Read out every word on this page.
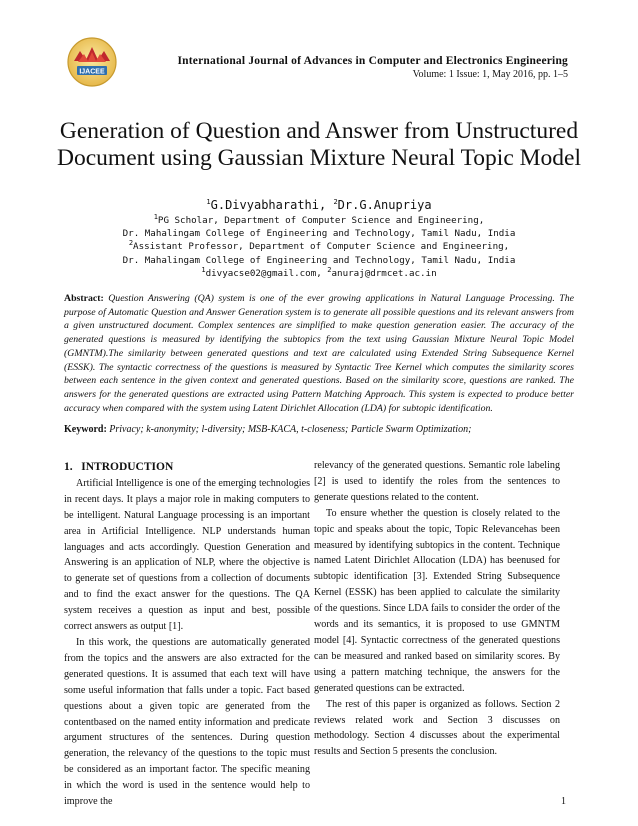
IJACEE
International Journal of Advances in Computer and Electronics Engineering
Volume: 1 Issue: 1, May 2016, pp. 1–5
Generation of Question and Answer from Unstructured Document using Gaussian Mixture Neural Topic Model
$^1$G.Divyabharathi, $^2$Dr.G.Anupriya
$^1$PG Scholar, Department of Computer Science and Engineering,
Dr. Mahalingam College of Engineering and Technology, Tamil Nadu, India
$^2$Assistant Professor, Department of Computer Science and Engineering,
Dr. Mahalingam College of Engineering and Technology, Tamil Nadu, India
$^1$divyacse02@gmail.com, $^2$anuraj@drmcet.ac.in
Abstract: Question Answering (QA) system is one of the ever growing applications in Natural Language Processing. The purpose of Automatic Question and Answer Generation system is to generate all possible questions and its relevant answers from a given unstructured document. Complex sentences are simplified to make question generation easier. The accuracy of the generated questions is measured by identifying the subtopics from the text using Gaussian Mixture Neural Topic Model (GMNTM).The similarity between generated questions and text are calculated using Extended String Subsequence Kernel (ESSK). The syntactic correctness of the questions is measured by Syntactic Tree Kernel which computes the similarity scores between each sentence in the given context and generated questions. Based on the similarity score, questions are ranked. The answers for the generated questions are extracted using Pattern Matching Approach. This system is expected to produce better accuracy when compared with the system using Latent Dirichlet Allocation (LDA) for subtopic identification.
Keyword: Privacy; k-anonymity; l-diversity; MSB-KACA, t-closeness; Particle Swarm Optimization;
1.   INTRODUCTION

Artificial Intelligence is one of the emerging technologies in recent days. It plays a major role in making computers to be intelligent. Natural Language processing is an important area in Artificial Intelligence. NLP understands human languages and acts accordingly. Question Generation and Answering is an application of NLP, where the objective is to generate set of questions from a collection of documents and to find the exact answer for the questions. The QA system receives a question as input and best, possible correct answers as output [1].

In this work, the questions are automatically generated from the topics and the answers are also extracted for the generated questions. It is assumed that each text will have some useful information that falls under a topic. Fact based questions about a given topic are generated from the contentbased on the named entity information and predicate argument structures of the sentences. During question generation, the relevancy of the questions to the topic must be considered as an important factor. The specific meaning in which the word is used in the sentence would help to improve the

relevancy of the generated questions. Semantic role labeling [2] is used to identify the roles from the sentences to generate questions related to the content.

To ensure whether the question is closely related to the topic and speaks about the topic, Topic Relevancehas been measured by identifying subtopics in the content. Technique named Latent Dirichlet Allocation (LDA) has beenused for subtopic identification [3]. Extended String Subsequence Kernel (ESSK) has been applied to calculate the similarity of the questions. Since LDA fails to consider the order of the words and its semantics, it is proposed to use GMNTM model [4]. Syntactic correctness of the generated questions can be measured and ranked based on similarity scores. By using a pattern matching technique, the answers for the generated questions can be extracted.

The rest of this paper is organized as follows. Section 2 reviews related work and Section 3 discusses on methodology. Section 4 discusses about the experimental results and Section 5 presents the conclusion.

1
